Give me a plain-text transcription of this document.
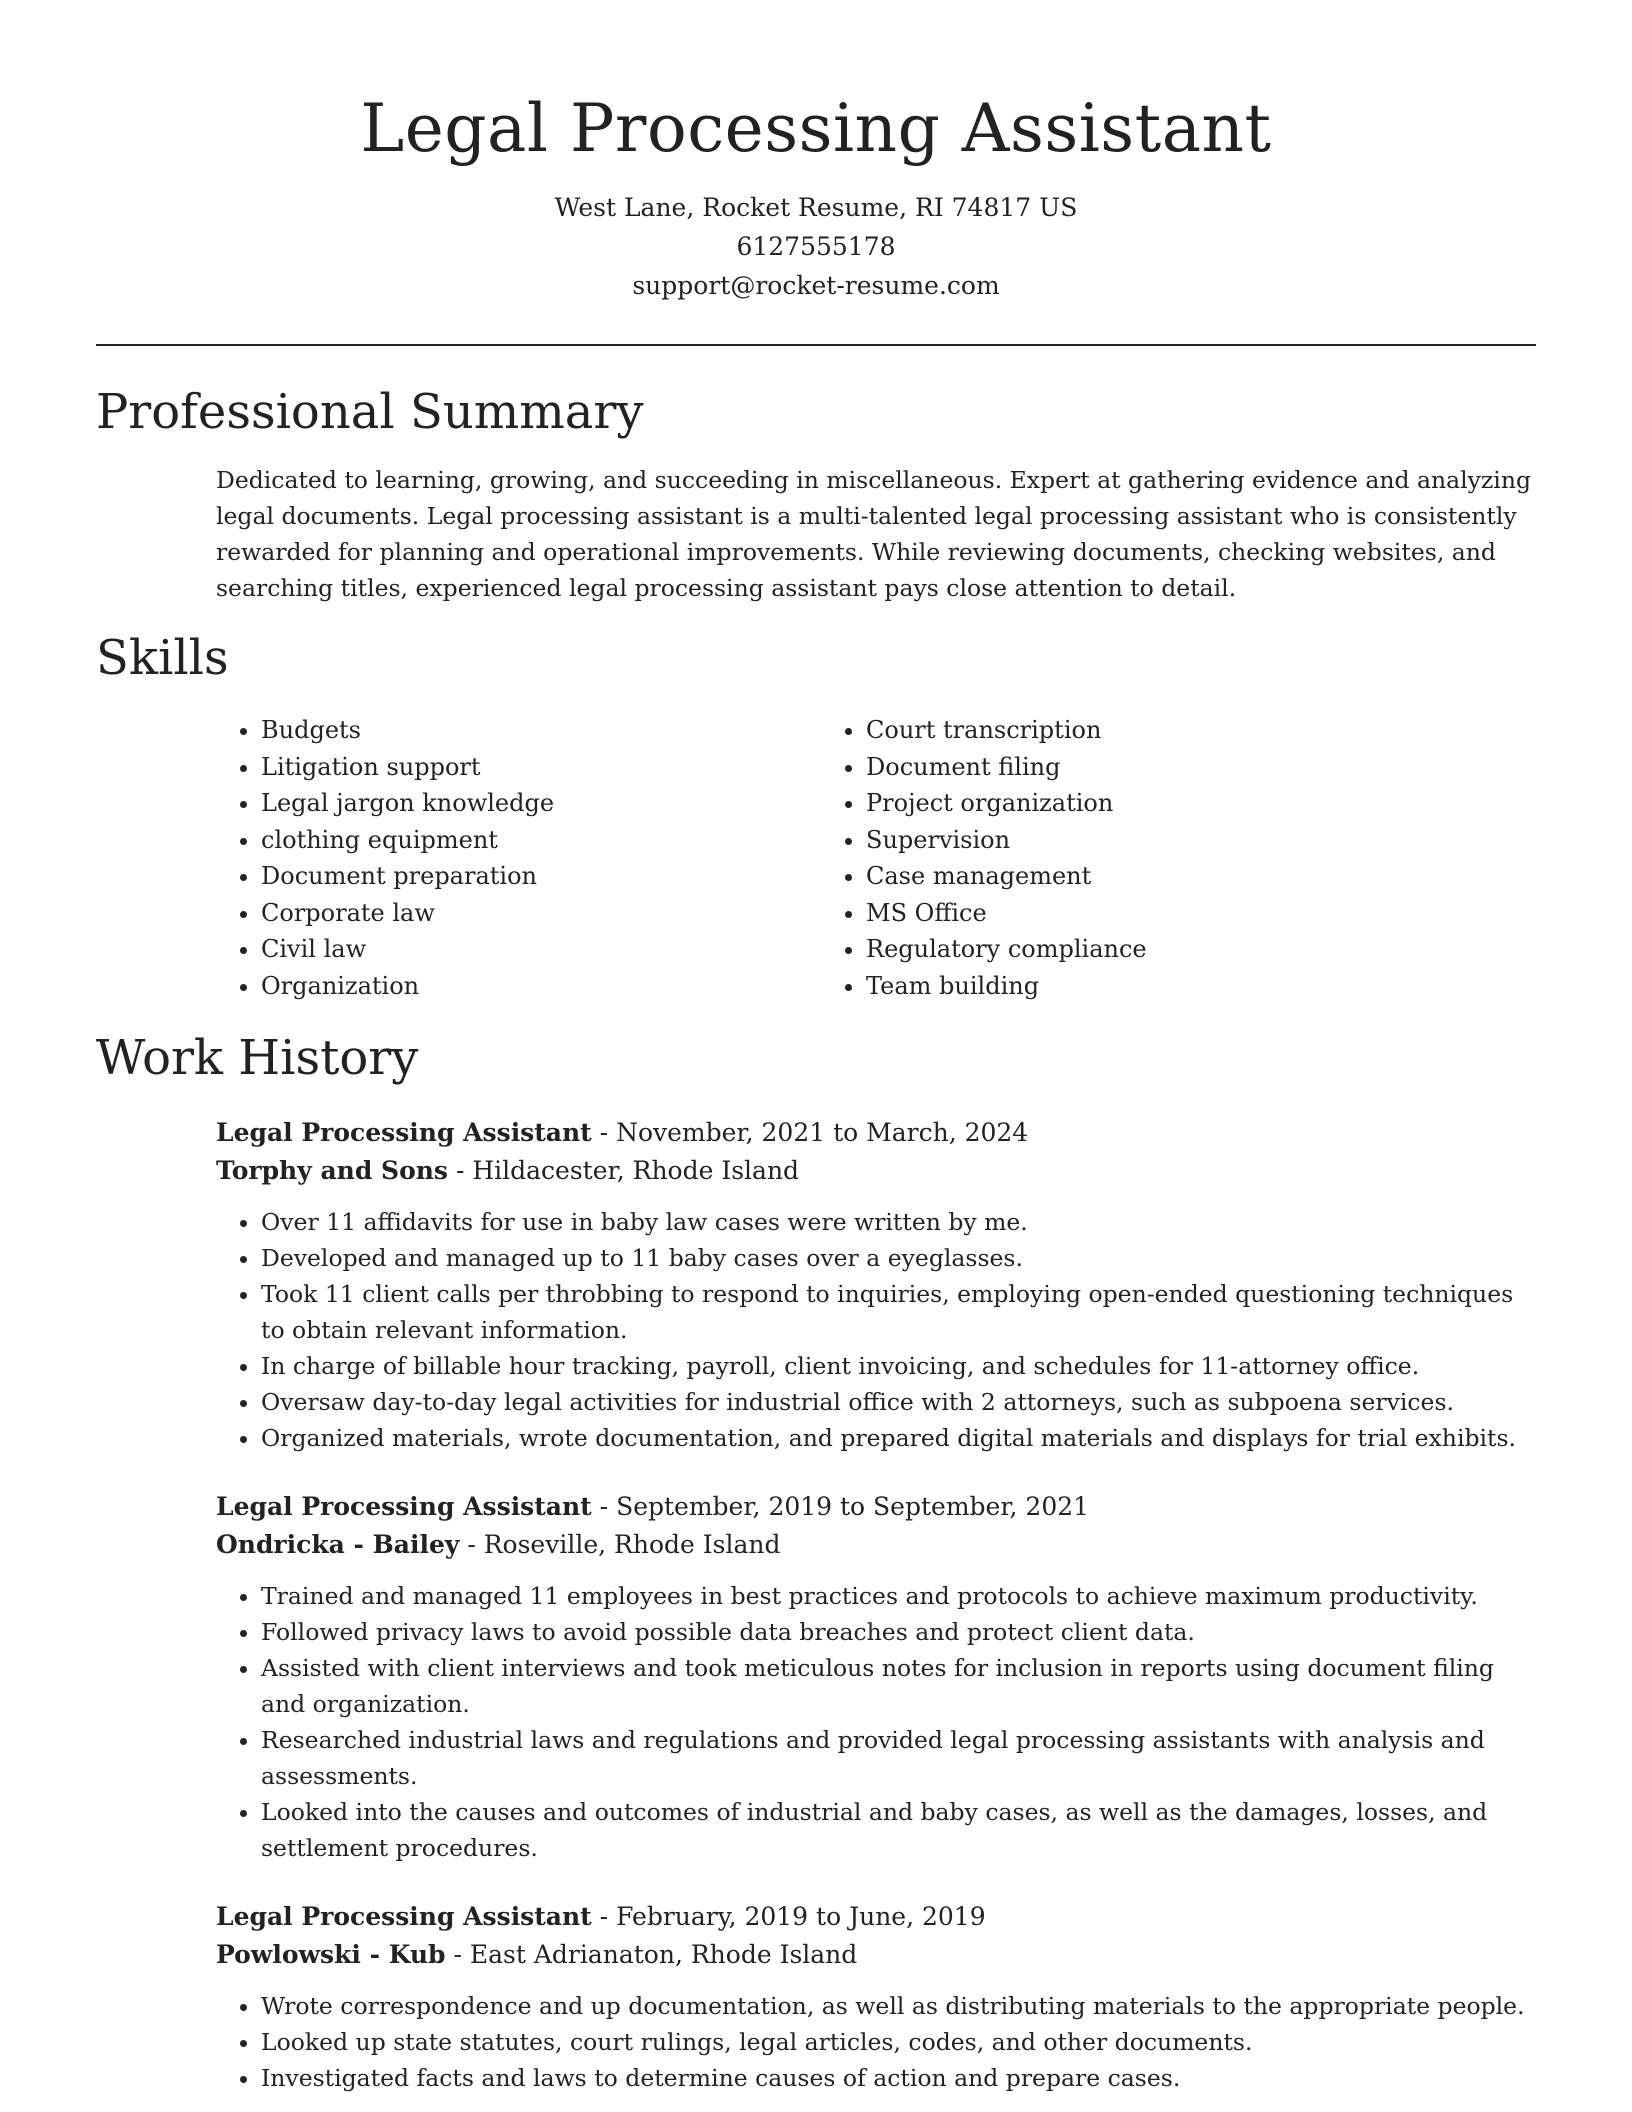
Legal Processing Assistant
West Lane, Rocket Resume, RI 74817 US
6127555178
support@rocket-resume.com
Professional Summary

Dedicated to learning, growing, and succeeding in miscellaneous. Expert at gathering evidence and analyzing legal documents. Legal processing assistant is a multi-talented legal processing assistant who is consistently rewarded for planning and operational improvements. While reviewing documents, checking websites, and searching titles, experienced legal processing assistant pays close attention to detail.

Skills
• Budgets
• Litigation support
• Legal jargon knowledge
• clothing equipment
• Document preparation
• Corporate law
• Civil law
• Organization
• Court transcription
• Document filing
• Project organization
• Supervision
• Case management
• MS Office
• Regulatory compliance
• Team building
Work History
Legal Processing Assistant - November, 2021 to March, 2024
Torphy and Sons - Hildacester, Rhode Island
• Over 11 affidavits for use in baby law cases were written by me.
• Developed and managed up to 11 baby cases over a eyeglasses.
• Took 11 client calls per throbbing to respond to inquiries, employing open-ended questioning techniques to obtain relevant information.
• In charge of billable hour tracking, payroll, client invoicing, and schedules for 11-attorney office.
• Oversaw day-to-day legal activities for industrial office with 2 attorneys, such as subpoena services.
• Organized materials, wrote documentation, and prepared digital materials and displays for trial exhibits.
Legal Processing Assistant - September, 2019 to September, 2021
Ondricka - Bailey - Roseville, Rhode Island
• Trained and managed 11 employees in best practices and protocols to achieve maximum productivity.
• Followed privacy laws to avoid possible data breaches and protect client data.
• Assisted with client interviews and took meticulous notes for inclusion in reports using document filing and organization.
• Researched industrial laws and regulations and provided legal processing assistants with analysis and assessments.
• Looked into the causes and outcomes of industrial and baby cases, as well as the damages, losses, and settlement procedures.
Legal Processing Assistant - February, 2019 to June, 2019
Powlowski - Kub - East Adrianaton, Rhode Island
• Wrote correspondence and up documentation, as well as distributing materials to the appropriate people.
• Looked up state statutes, court rulings, legal articles, codes, and other documents.
• Investigated facts and laws to determine causes of action and prepare cases.
